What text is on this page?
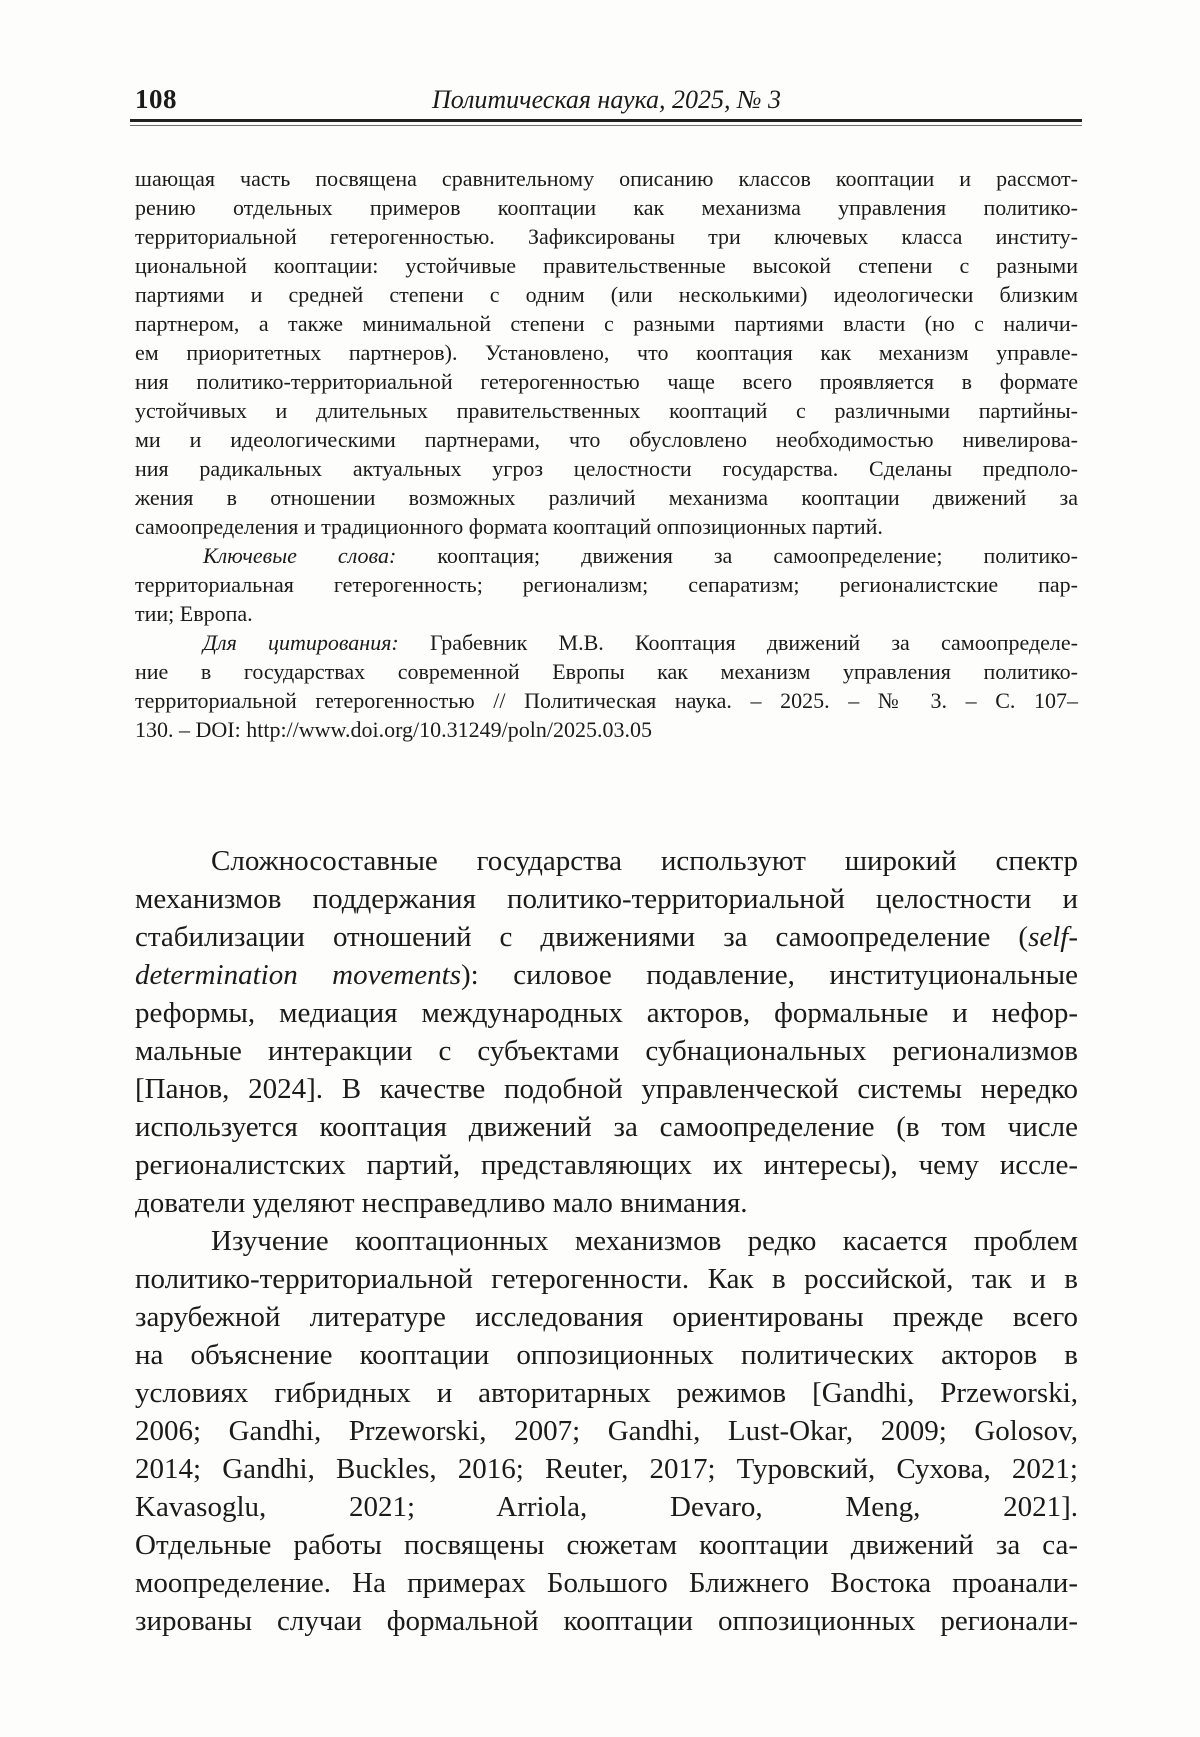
108	Политическая наука, 2025, № 3
шающая часть посвящена сравнительному описанию классов кооптации и рассмот-
рению отдельных примеров кооптации как механизма управления политико-
территориальной гетерогенностью. Зафиксированы три ключевых класса институ-
циональной кооптации: устойчивые правительственные высокой степени с разными
партиями и средней степени с одним (или несколькими) идеологически близким
партнером, а также минимальной степени с разными партиями власти (но с наличи-
ем приоритетных партнеров). Установлено, что кооптация как механизм управле-
ния политико-территориальной гетерогенностью чаще всего проявляется в формате
устойчивых и длительных правительственных кооптаций с различными партийны-
ми и идеологическими партнерами, что обусловлено необходимостью нивелирова-
ния радикальных актуальных угроз целостности государства. Сделаны предполо-
жения в отношении возможных различий механизма кооптации движений за
самоопределения и традиционного формата кооптаций оппозиционных партий.
Ключевые слова: кооптация; движения за самоопределение; политико-
территориальная гетерогенность; регионализм; сепаратизм; регионалистские пар-
тии; Европа.
Для цитирования: Грабевник М.В. Кооптация движений за самоопределе-
ние в государствах современной Европы как механизм управления политико-
территориальной гетерогенностью // Политическая наука. – 2025. – № 3. – С. 107–
130. – DOI: http://www.doi.org/10.31249/poln/2025.03.05
Сложносоставные государства используют широкий спектр
механизмов поддержания политико-территориальной целостности и
стабилизации отношений с движениями за самоопределение (self-
determination movements): силовое подавление, институциональные
реформы, медиация международных акторов, формальные и нефор-
мальные интеракции с субъектами субнациональных регионализмов
[Панов, 2024]. В качестве подобной управленческой системы нередко
используется кооптация движений за самоопределение (в том числе
регионалистских партий, представляющих их интересы), чему иссле-
дователи уделяют несправедливо мало внимания.
Изучение кооптационных механизмов редко касается проблем
политико-территориальной гетерогенности. Как в российской, так и в
зарубежной литературе исследования ориентированы прежде всего
на объяснение кооптации оппозиционных политических акторов в
условиях гибридных и авторитарных режимов [Gandhi, Przeworski,
2006; Gandhi, Przeworski, 2007; Gandhi, Lust-Okar, 2009; Golosov,
2014; Gandhi, Buckles, 2016; Reuter, 2017; Туровский, Сухова, 2021;
Kavasoglu, 2021; Arriola, Devaro, Meng, 2021].
Отдельные работы посвящены сюжетам кооптации движений за са-
моопределение. На примерах Большого Ближнего Востока проанали-
зированы случаи формальной кооптации оппозиционных регионали-
